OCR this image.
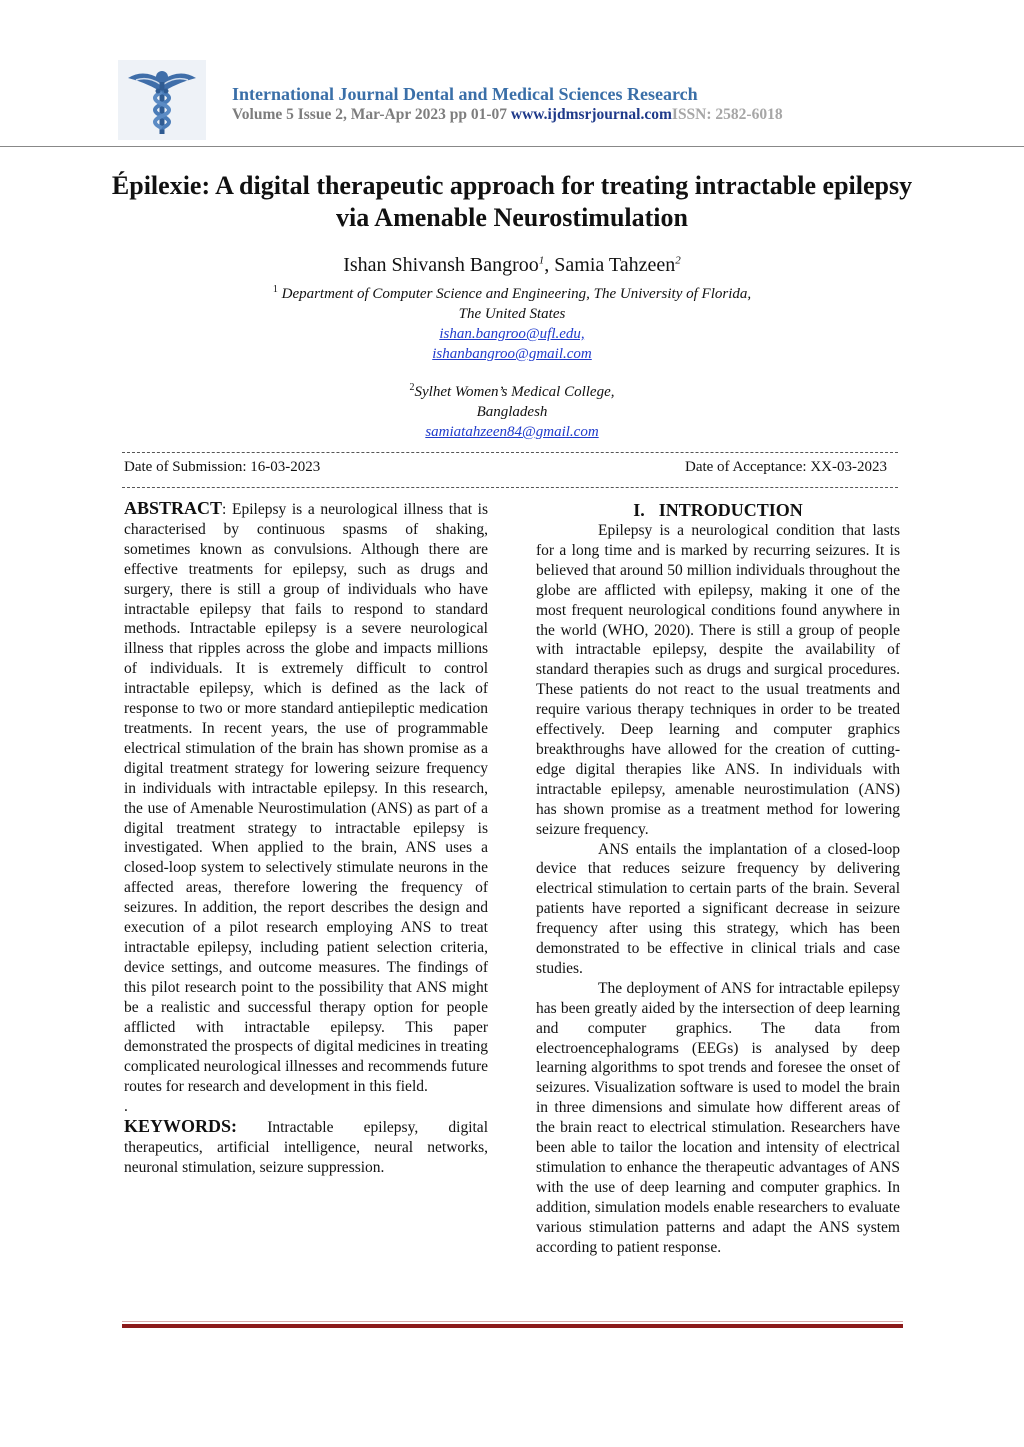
International Journal Dental and Medical Sciences Research
Volume 5 Issue 2, Mar-Apr 2023 pp 01-07 www.ijdmsrjournal.comISSN: 2582-6018
Épilexie: A digital therapeutic approach for treating intractable epilepsy via Amenable Neurostimulation
Ishan Shivansh Bangroo$^1$, Samia Tahzeen$^2$
$^1$ Department of Computer Science and Engineering, The University of Florida,
The United States
ishan.bangroo@ufl.edu,
ishanbangroo@gmail.com
$^2$Sylhet Women’s Medical College,
Bangladesh
samiatahzeen84@gmail.com
Date of Submission: 16-03-2023	Date of Acceptance: XX-03-2023

ABSTRACT: Epilepsy is a neurological illness that is characterised by continuous spasms of shaking, sometimes known as convulsions. Although there are effective treatments for epilepsy, such as drugs and surgery, there is still a group of individuals who have intractable epilepsy that fails to respond to standard methods. Intractable epilepsy is a severe neurological illness that ripples across the globe and impacts millions of individuals. It is extremely difficult to control intractable epilepsy, which is defined as the lack of response to two or more standard antiepileptic medication treatments. In recent years, the use of programmable electrical stimulation of the brain has shown promise as a digital treatment strategy for lowering seizure frequency in individuals with intractable epilepsy. In this research, the use of Amenable Neurostimulation (ANS) as part of a digital treatment strategy to intractable epilepsy is investigated. When applied to the brain, ANS uses a closed-loop system to selectively stimulate neurons in the affected areas, therefore lowering the frequency of seizures. In addition, the report describes the design and execution of a pilot research employing ANS to treat intractable epilepsy, including patient selection criteria, device settings, and outcome measures. The findings of this pilot research point to the possibility that ANS might be a realistic and successful therapy option for people afflicted with intractable epilepsy. This paper demonstrated the prospects of digital medicines in treating complicated neurological illnesses and recommends future routes for research and development in this field.

.

KEYWORDS: Intractable epilepsy, digital therapeutics, artificial intelligence, neural networks, neuronal stimulation, seizure suppression.

I. INTRODUCTION

Epilepsy is a neurological condition that lasts for a long time and is marked by recurring seizures. It is believed that around 50 million individuals throughout the globe are afflicted with epilepsy, making it one of the most frequent neurological conditions found anywhere in the world (WHO, 2020). There is still a group of people with intractable epilepsy, despite the availability of standard therapies such as drugs and surgical procedures. These patients do not react to the usual treatments and require various therapy techniques in order to be treated effectively. Deep learning and computer graphics breakthroughs have allowed for the creation of cutting-edge digital therapies like ANS. In individuals with intractable epilepsy, amenable neurostimulation (ANS) has shown promise as a treatment method for lowering seizure frequency.

ANS entails the implantation of a closed-loop device that reduces seizure frequency by delivering electrical stimulation to certain parts of the brain. Several patients have reported a significant decrease in seizure frequency after using this strategy, which has been demonstrated to be effective in clinical trials and case studies.

The deployment of ANS for intractable epilepsy has been greatly aided by the intersection of deep learning and computer graphics. The data from electroencephalograms (EEGs) is analysed by deep learning algorithms to spot trends and foresee the onset of seizures. Visualization software is used to model the brain in three dimensions and simulate how different areas of the brain react to electrical stimulation. Researchers have been able to tailor the location and intensity of electrical stimulation to enhance the therapeutic advantages of ANS with the use of deep learning and computer graphics. In addition, simulation models enable researchers to evaluate various stimulation patterns and adapt the ANS system according to patient response.
